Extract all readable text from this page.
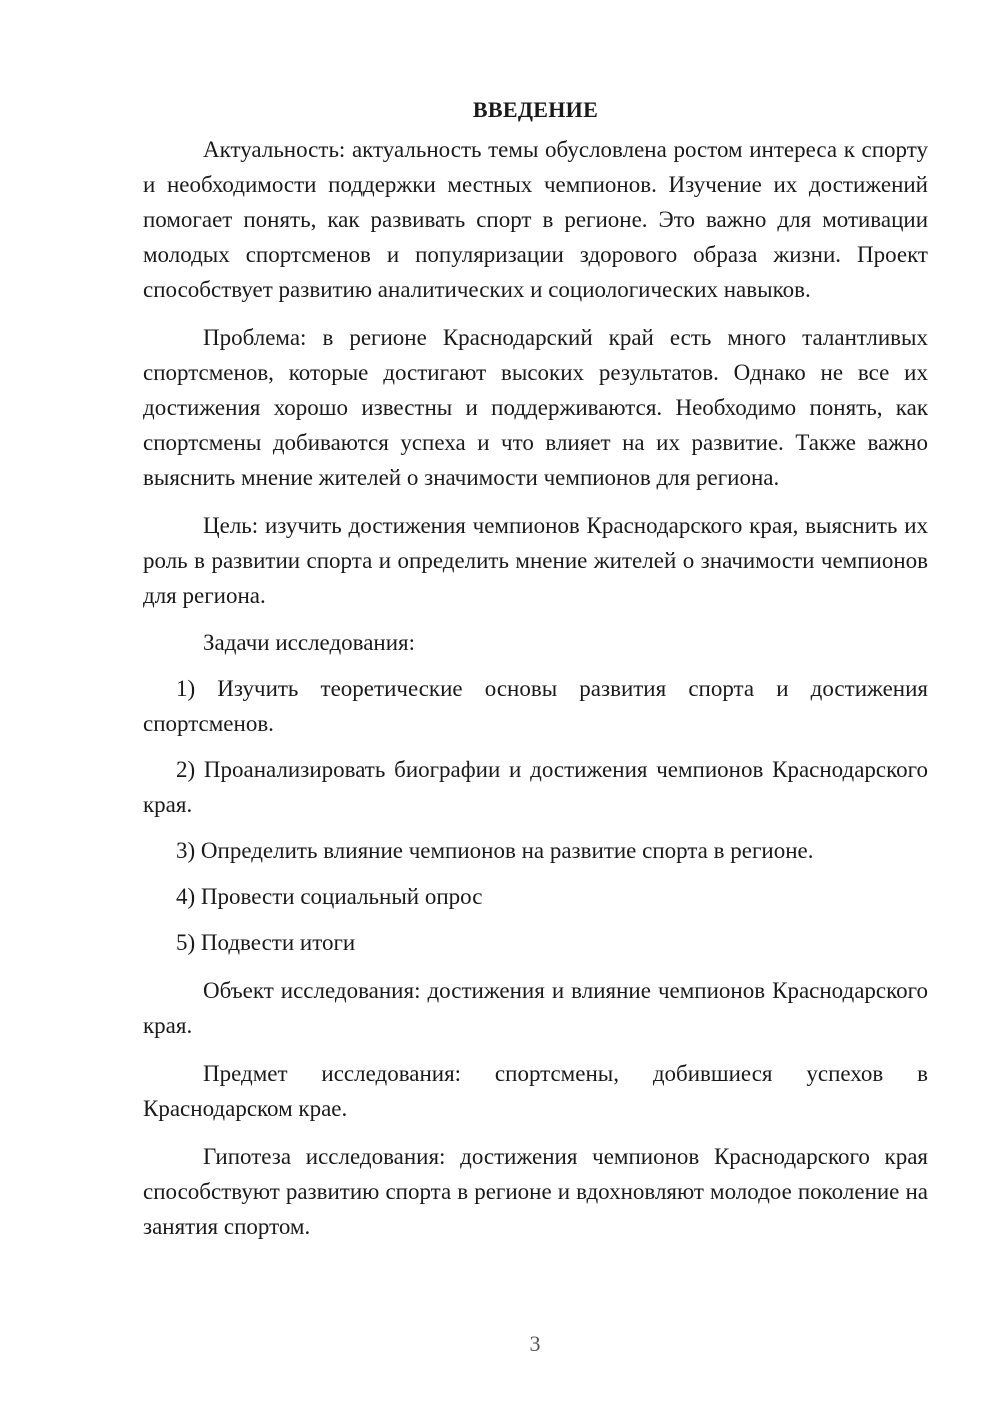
ВВЕДЕНИЕ

Актуальность: актуальность темы обусловлена ростом интереса к спорту и необходимости поддержки местных чемпионов. Изучение их достижений помогает понять, как развивать спорт в регионе. Это важно для мотивации молодых спортсменов и популяризации здорового образа жизни. Проект способствует развитию аналитических и социологических навыков.

Проблема: в регионе Краснодарский край есть много талантливых спортсменов, которые достигают высоких результатов. Однако не все их достижения хорошо известны и поддерживаются. Необходимо понять, как спортсмены добиваются успеха и что влияет на их развитие. Также важно выяснить мнение жителей о значимости чемпионов для региона.

Цель: изучить достижения чемпионов Краснодарского края, выяснить их роль в развитии спорта и определить мнение жителей о значимости чемпионов для региона.

Задачи исследования:

1) Изучить теоретические основы развития спорта и достижения спортсменов.

2) Проанализировать биографии и достижения чемпионов Краснодарского края.

3) Определить влияние чемпионов на развитие спорта в регионе.

4) Провести социальный опрос

5) Подвести итоги

Объект исследования: достижения и влияние чемпионов Краснодарского края.

Предмет исследования: спортсмены, добившиеся успехов в Краснодарском крае.

Гипотеза исследования: достижения чемпионов Краснодарского края способствуют развитию спорта в регионе и вдохновляют молодое поколение на занятия спортом.

3
